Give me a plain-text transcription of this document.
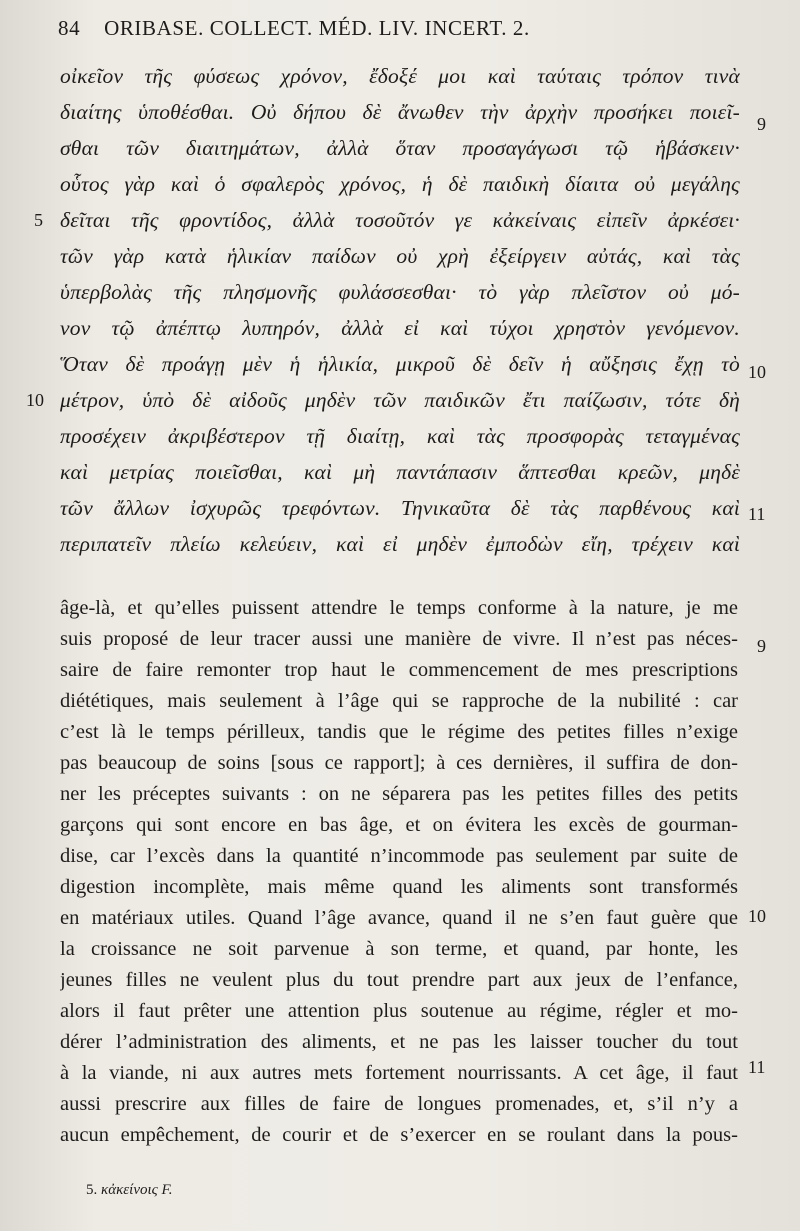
84 ORIBASE. COLLECT. MÉD. LIV. INCERT. 2.
οἰκεῖον τῆς φύσεως χρόνον, ἔδοξέ μοι καὶ ταύταις τρόπον τινὰ
διαίτης ὑποθέσθαι. Οὐ δήπου δὲ ἄνωθεν τὴν ἀρχὴν προσήκει ποιεῖ-
σθαι τῶν διαιτημάτων, ἀλλὰ ὅταν προσαγάγωσι τῷ ἡβάσκειν·
οὗτος γὰρ καὶ ὁ σφαλερὸς χρόνος, ἡ δὲ παιδικὴ δίαιτα οὐ μεγάλης
δεῖται τῆς φροντίδος, ἀλλὰ τοσοῦτόν γε κἀκείναις εἰπεῖν ἀρκέσει·
τῶν γὰρ κατὰ ἡλικίαν παίδων οὐ χρὴ ἐξείργειν αὐτάς, καὶ τὰς
ὑπερβολὰς τῆς πλησμονῆς φυλάσσεσθαι· τὸ γὰρ πλεῖστον οὐ μό-
νον τῷ ἀπέπτῳ λυπηρόν, ἀλλὰ εἰ καὶ τύχοι χρηστὸν γενόμενον.
Ὅταν δὲ προάγῃ μὲν ἡ ἡλικία, μικροῦ δὲ δεῖν ἡ αὔξησις ἔχῃ τὸ
μέτρον, ὑπὸ δὲ αἰδοῦς μηδὲν τῶν παιδικῶν ἔτι παίζωσιν, τότε δὴ
προσέχειν ἀκριβέστερον τῇ διαίτῃ, καὶ τὰς προσφορὰς τεταγμένας
καὶ μετρίας ποιεῖσθαι, καὶ μὴ παντάπασιν ἅπτεσθαι κρεῶν, μηδὲ
τῶν ἄλλων ἰσχυρῶς τρεφόντων. Τηνικαῦτα δὲ τὰς παρθένους καὶ
περιπατεῖν πλείω κελεύειν, καὶ εἰ μηδὲν ἐμποδὼν εἴη, τρέχειν καὶ
5
10
9
10
11
âge-là, et qu’elles puissent attendre le temps conforme à la nature, je me
suis proposé de leur tracer aussi une manière de vivre. Il n’est pas néces-
saire de faire remonter trop haut le commencement de mes prescriptions
diététiques, mais seulement à l’âge qui se rapproche de la nubilité : car
c’est là le temps périlleux, tandis que le régime des petites filles n’exige
pas beaucoup de soins [sous ce rapport]; à ces dernières, il suffira de don-
ner les préceptes suivants : on ne séparera pas les petites filles des petits
garçons qui sont encore en bas âge, et on évitera les excès de gourman-
dise, car l’excès dans la quantité n’incommode pas seulement par suite de
digestion incomplète, mais même quand les aliments sont transformés
en matériaux utiles. Quand l’âge avance, quand il ne s’en faut guère que
la croissance ne soit parvenue à son terme, et quand, par honte, les
jeunes filles ne veulent plus du tout prendre part aux jeux de l’enfance,
alors il faut prêter une attention plus soutenue au régime, régler et mo-
dérer l’administration des aliments, et ne pas les laisser toucher du tout
à la viande, ni aux autres mets fortement nourrissants. A cet âge, il faut
aussi prescrire aux filles de faire de longues promenades, et, s’il n’y a
aucun empêchement, de courir et de s’exercer en se roulant dans la pous-
9
10
11
5. κἀκείνοις F.
